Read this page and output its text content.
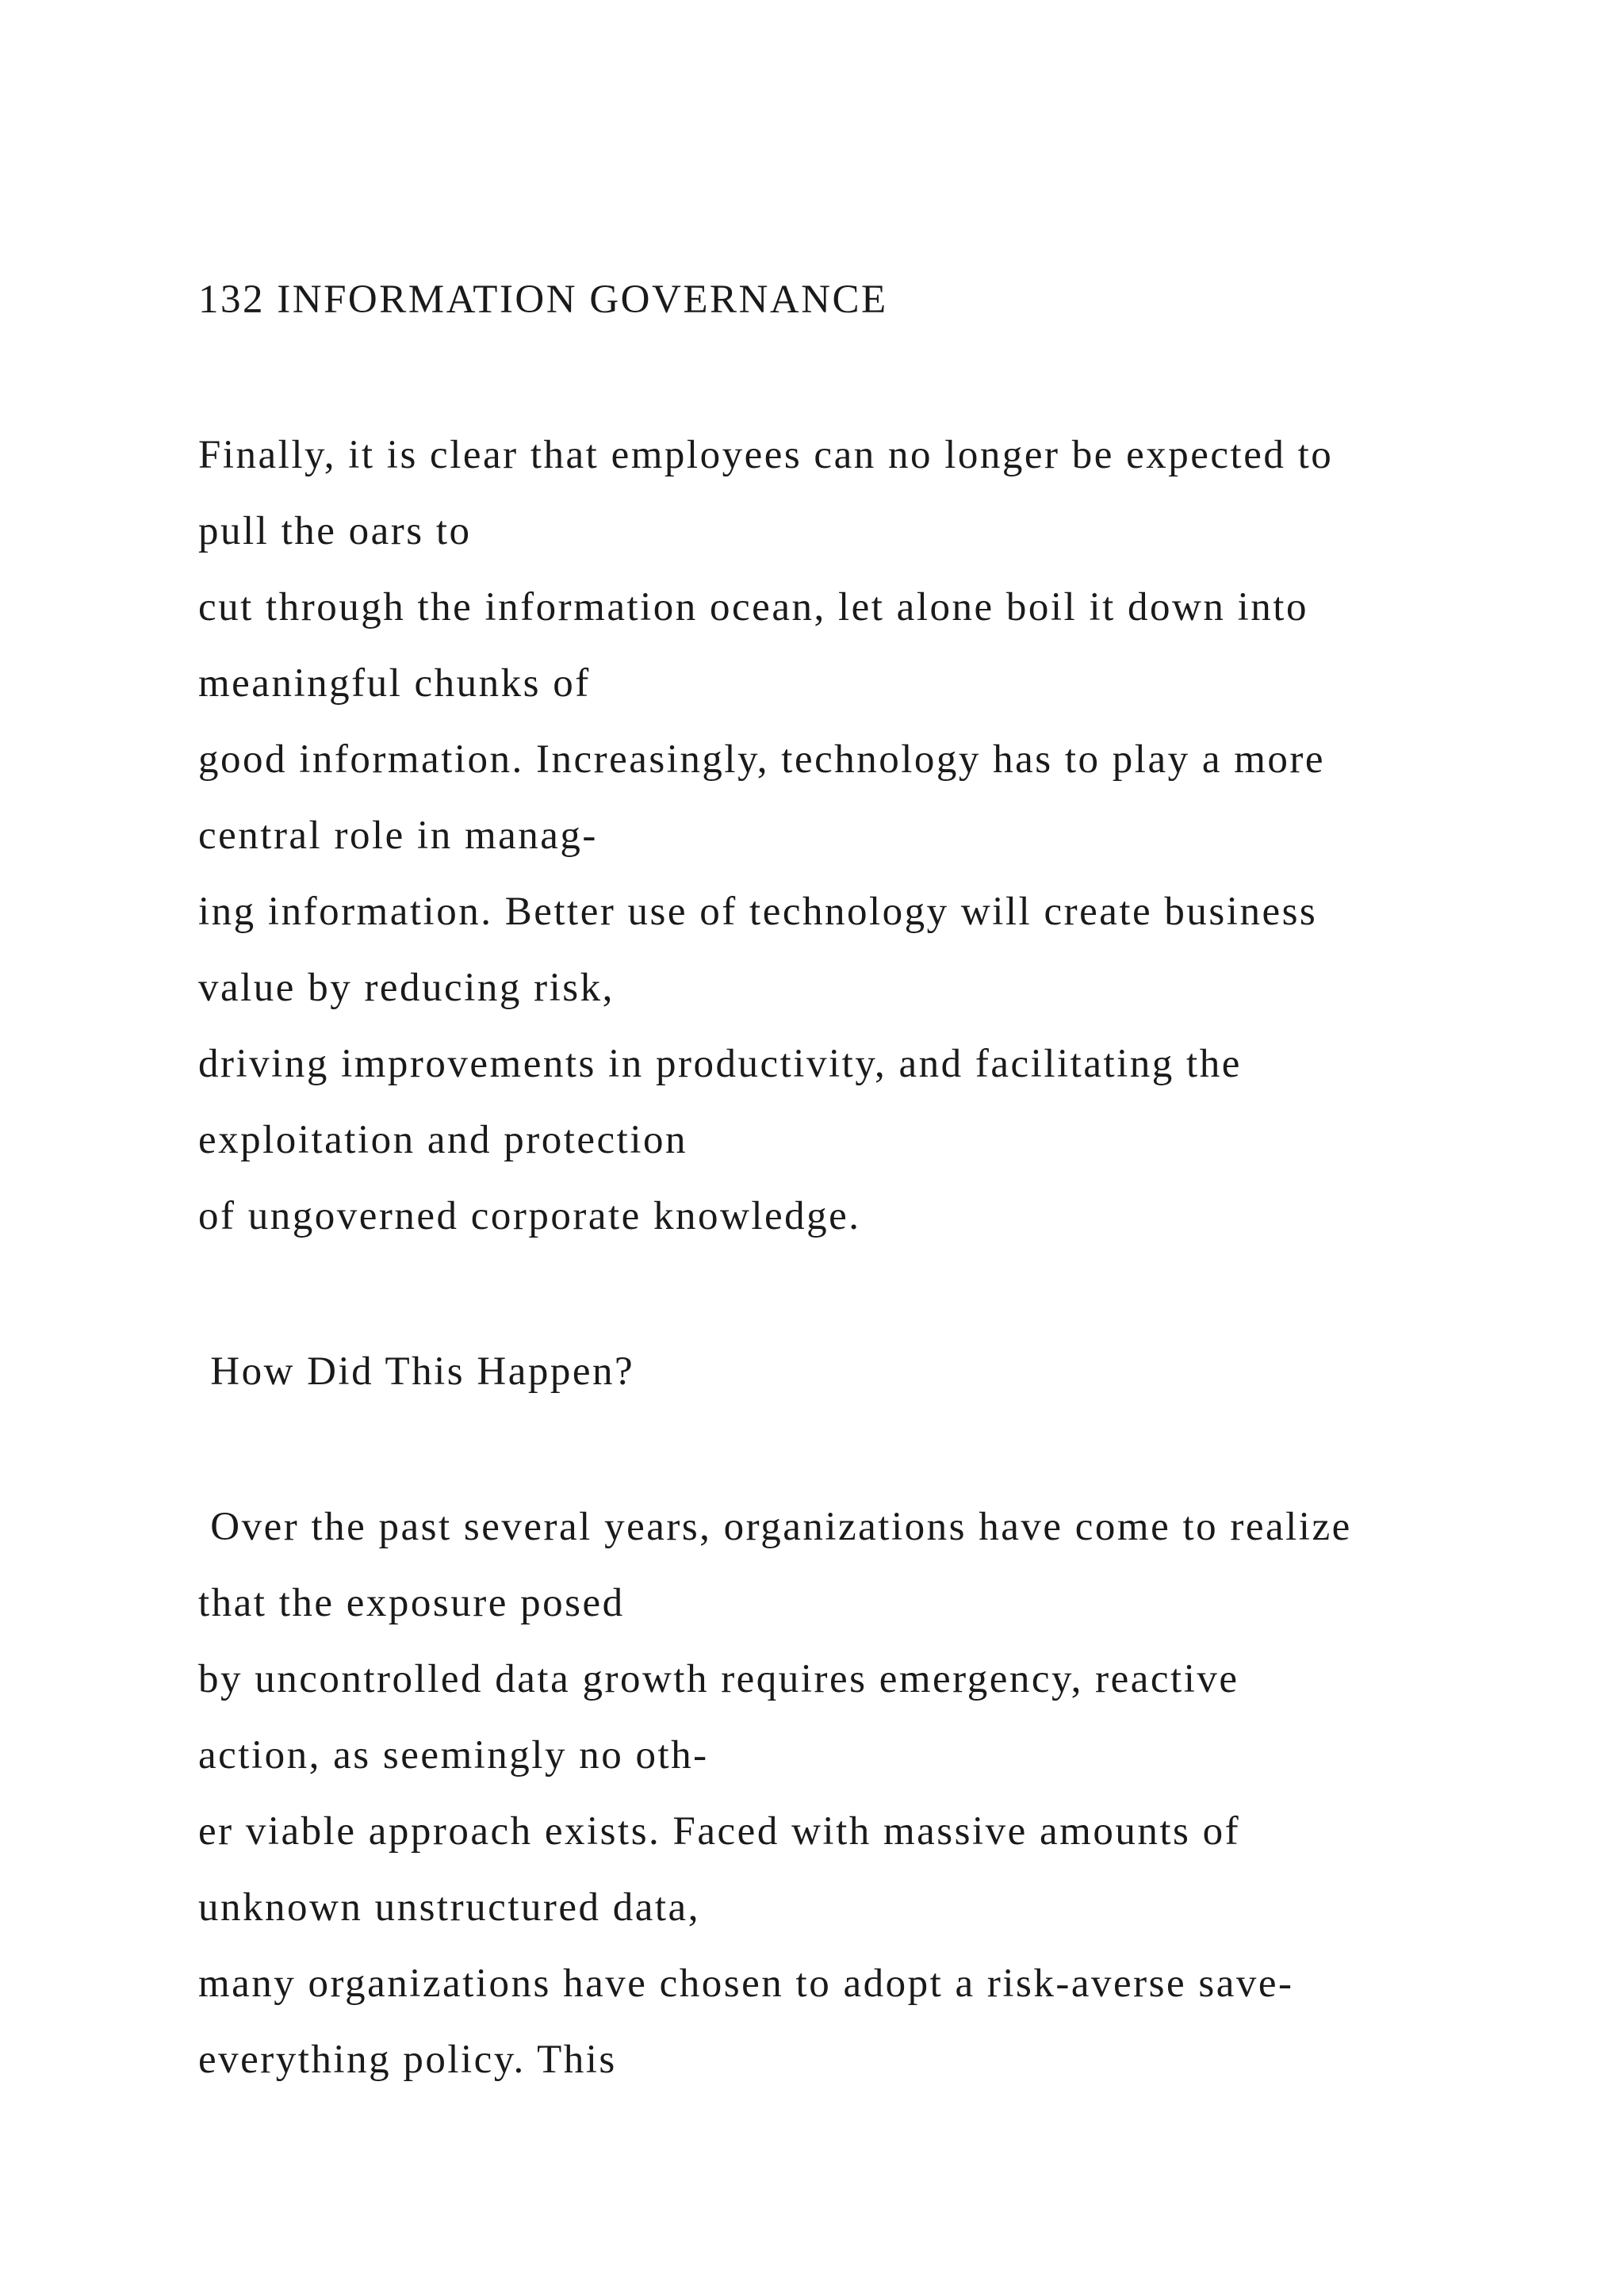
132 INFORMATION GOVERNANCE

Finally, it is clear that employees can no longer be expected to

pull the oars to

cut through the information ocean, let alone boil it down into

meaningful chunks of

good information. Increasingly, technology has to play a more

central role in manag-

ing information. Better use of technology will create business

value by reducing risk,

driving improvements in productivity, and facilitating the

exploitation and protection

of ungoverned corporate knowledge.

How Did This Happen?

Over the past several years, organizations have come to realize

that the exposure posed

by uncontrolled data growth requires emergency, reactive

action, as seemingly no oth-

er viable approach exists. Faced with massive amounts of

unknown unstructured data,

many organizations have chosen to adopt a risk-averse save-

everything policy. This
